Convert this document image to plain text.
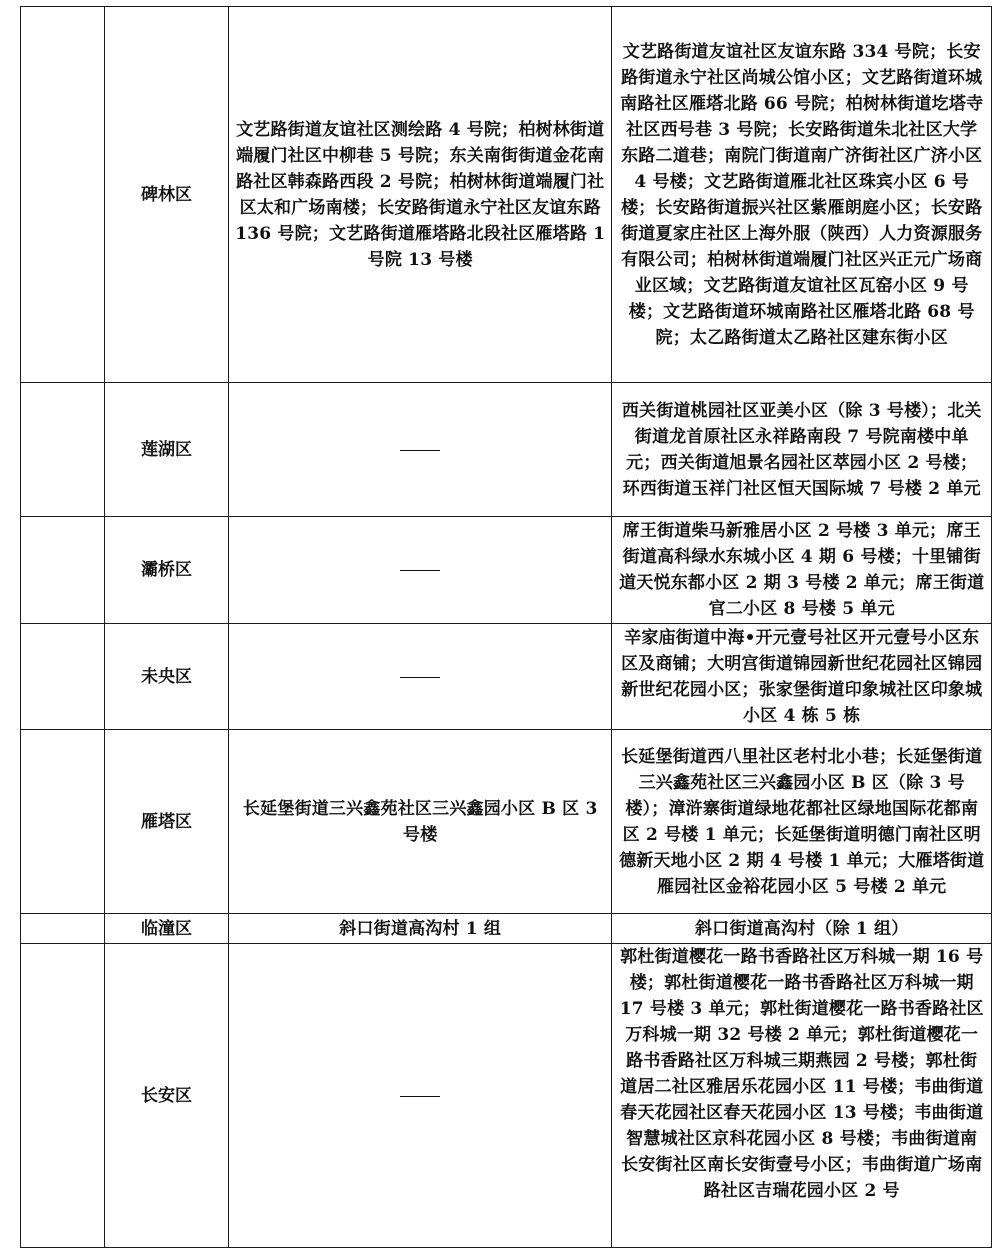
	碑林区	文艺路街道友谊社区测绘路 4 号院；柏树林街道端履门社区中柳巷 5 号院；东关南街街道金花南路社区韩森路西段 2 号院；柏树林街道端履门社区太和广场南楼；长安路街道永宁社区友谊东路 136 号院；文艺路街道雁塔路北段社区雁塔路 1 号院 13 号楼	文艺路街道友谊社区友谊东路 334 号院；长安路街道永宁社区尚城公馆小区；文艺路街道环城南路社区雁塔北路 66 号院；柏树林街道圪塔寺社区西号巷 3 号院；长安路街道朱北社区大学东路二道巷；南院门街道南广济街社区广济小区 4 号楼；文艺路街道雁北社区珠宾小区 6 号楼；长安路街道振兴社区紫雁朗庭小区；长安路街道夏家庄社区上海外服（陕西）人力资源服务有限公司；柏树林街道端履门社区兴正元广场商业区域；文艺路街道友谊社区瓦窑小区 9 号楼；文艺路街道环城南路社区雁塔北路 68 号院；太乙路街道太乙路社区建东街小区

	莲湖区		西关街道桃园社区亚美小区（除 3 号楼）；北关街道龙首原社区永祥路南段 7 号院南楼中单元；西关街道旭景名园社区萃园小区 2 号楼；环西街道玉祥门社区恒天国际城 7 号楼 2 单元

	灞桥区		席王街道柴马新雅居小区 2 号楼 3 单元；席王街道高科绿水东城小区 4 期 6 号楼；十里铺街道天悦东都小区 2 期 3 号楼 2 单元；席王街道官二小区 8 号楼 5 单元

	未央区		辛家庙街道中海•开元壹号社区开元壹号小区东区及商铺；大明宫街道锦园新世纪花园社区锦园新世纪花园小区；张家堡街道印象城社区印象城小区 4 栋 5 栋

	雁塔区	长延堡街道三兴鑫苑社区三兴鑫园小区 B 区 3 号楼	长延堡街道西八里社区老村北小巷；长延堡街道三兴鑫苑社区三兴鑫园小区 B 区（除 3 号楼）；漳浒寨街道绿地花都社区绿地国际花都南区 2 号楼 1 单元；长延堡街道明德门南社区明德新天地小区 2 期 4 号楼 1 单元；大雁塔街道雁园社区金裕花园小区 5 号楼 2 单元

	临潼区	斜口街道高沟村 1 组	斜口街道高沟村（除 1 组）

	长安区		郭杜街道樱花一路书香路社区万科城一期 16 号楼；郭杜街道樱花一路书香路社区万科城一期 17 号楼 3 单元；郭杜街道樱花一路书香路社区万科城一期 32 号楼 2 单元；郭杜街道樱花一路书香路社区万科城三期燕园 2 号楼；郭杜街道居二社区雅居乐花园小区 11 号楼；韦曲街道春天花园社区春天花园小区 13 号楼；韦曲街道智慧城社区京科花园小区 8 号楼；韦曲街道南长安街社区南长安街壹号小区；韦曲街道广场南路社区吉瑞花园小区 2 号
